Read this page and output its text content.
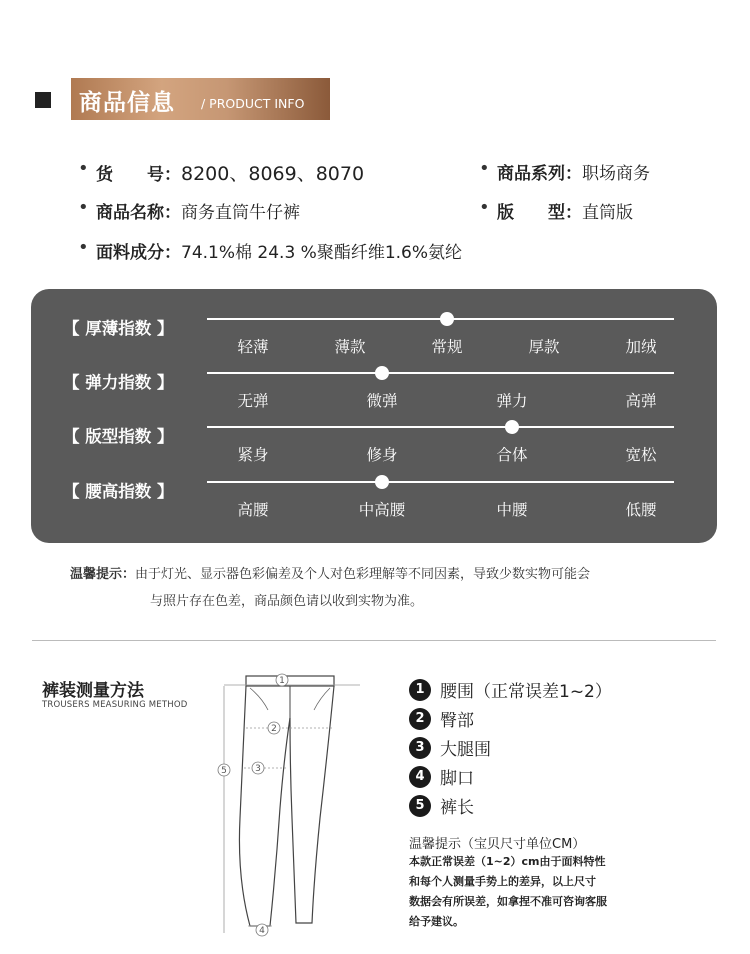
商品信息 / PRODUCT INFO
• 货　　号：8200、8069、8070	• 商品系列：职场商务
• 商品名称：商务直筒牛仔裤	• 版　　型：直筒版
• 面料成分：74.1%棉 24.3 %聚酯纤维1.6%氨纶
【 厚薄指数 】
轻薄	薄款	常规	厚款	加绒
【 弹力指数 】
无弹	微弹	弹力	高弹
【 版型指数 】
紧身	修身	合体	宽松
【 腰高指数 】
高腰	中高腰	中腰	低腰
温馨提示：由于灯光、显示器色彩偏差及个人对色彩理解等不同因素，导致少数实物可能会
与照片存在色差，商品颜色请以收到实物为准。
裤装测量方法
TROUSERS MEASURING METHOD
1
2
3
4
5
1 腰围（正常误差1~2）
2 臀部
3 大腿围
4 脚口
5 裤长
温馨提示（宝贝尺寸单位CM）
本款正常误差（1~2）cm由于面料特性
和每个人测量手势上的差异，以上尺寸
数据会有所误差，如拿捏不准可咨询客服
给予建议。
